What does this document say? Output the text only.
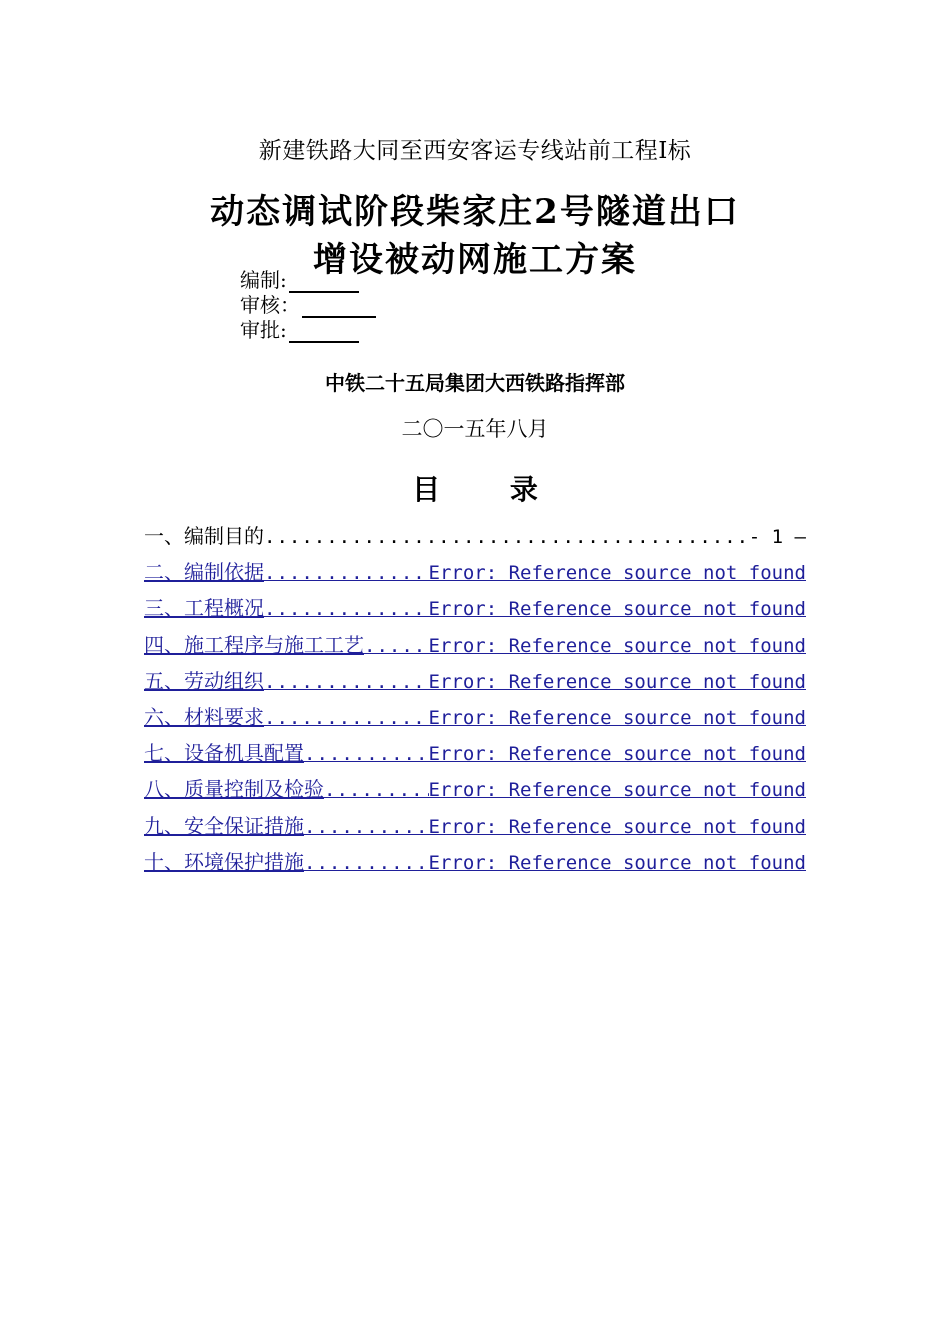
新建铁路大同至西安客运专线站前工程Ⅰ标
动态调试阶段柴家庄2号隧道出口
增设被动网施工方案
编制:
审核：
审批:
中铁二十五局集团大西铁路指挥部
二〇一五年八月
目 录
一、编制目的 .....	- 1 —
二、编制依据 .....	Error: Reference source not found
三、工程概况 .....	Error: Reference source not found
四、施工程序与施工工艺 .....	Error: Reference source not found
五、劳动组织 .....	Error: Reference source not found
六、材料要求 .....	Error: Reference source not found
七、设备机具配置 .....	Error: Reference source not found
八、质量控制及检验 .....	Error: Reference source not found
九、安全保证措施 .....	Error: Reference source not found
十、环境保护措施 .....	Error: Reference source not found
